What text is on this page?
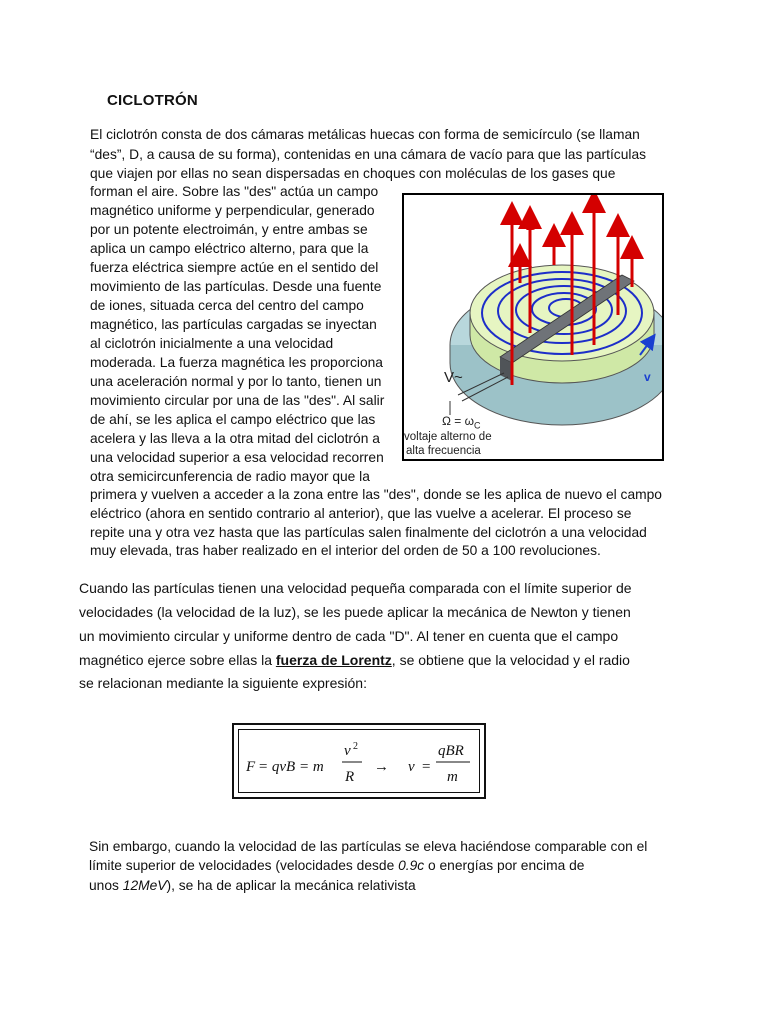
CICLOTRÓN
El ciclotrón consta de dos cámaras metálicas huecas con forma de semicírculo (se llaman
“des”, D, a causa de su forma), contenidas en una cámara de vacío para que las partículas
que viajen por ellas no sean dispersadas en choques con moléculas de los gases que
forman el aire. Sobre las "des" actúa un campo
magnético uniforme y perpendicular, generado
por un potente electroimán, y entre ambas se
aplica un campo eléctrico alterno, para que la
fuerza eléctrica siempre actúe en el sentido del
movimiento de las partículas. Desde una fuente
de iones, situada cerca del centro del campo
magnético, las partículas cargadas se inyectan
al ciclotrón inicialmente a una velocidad
moderada. La fuerza magnética les proporciona
una aceleración normal y por lo tanto, tienen un
movimiento circular por una de las "des". Al salir
de ahí, se les aplica el campo eléctrico que las
acelera y las lleva a la otra mitad del ciclotrón a
una velocidad superior a esa velocidad recorren
otra semicircunferencia de radio mayor que la
primera y vuelven a acceder a la zona entre las "des", donde se les aplica de nuevo el campo
eléctrico (ahora en sentido contrario al anterior), que las vuelve a acelerar. El proceso se
repite una y otra vez hasta que las partículas salen finalmente del ciclotrón a una velocidad
muy elevada, tras haber realizado en el interior del orden de 50 a 100 revoluciones.
B
V~
$\Omega = \omega_C$
v
voltaje alterno de
alta frecuencia
Cuando las partículas tienen una velocidad pequeña comparada con el límite superior de
velocidades (la velocidad de la luz), se les puede aplicar la mecánica de Newton y tienen
un movimiento circular y uniforme dentro de cada "D". Al tener en cuenta que el campo
magnético ejerce sobre ellas la fuerza de Lorentz, se obtiene que la velocidad y el radio
se relacionan mediante la siguiente expresión:
F = qvB = m
v 2
R
→ v =
qBR
m
Sin embargo, cuando la velocidad de las partículas se eleva haciéndose comparable con el
límite superior de velocidades (velocidades desde 0.9c o energías por encima de
unos 12MeV), se ha de aplicar la mecánica relativista
